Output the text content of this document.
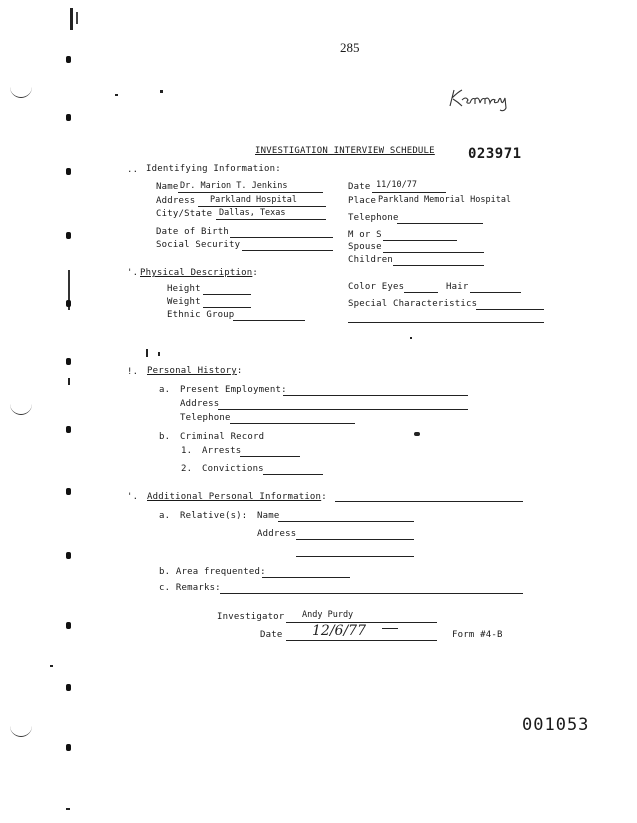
285
INVESTIGATION INTERVIEW SCHEDULE 023971
.. Identifying Information:
Name Dr. Marion T. Jenkins
Address Parkland Hospital
City/State Dallas, Texas
Date of Birth
Social Security
Date 11/10/77
Place Parkland Memorial Hospital
Telephone
M or S
Spouse
Children
'. Physical Description:
Height
Weight
Ethnic Group
Color Eyes	Hair
Special Characteristics
!. Personal History:
a. Present Employment:
Address
Telephone
b. Criminal Record
1. Arrests
2. Convictions
'. Additional Personal Information:
a. Relative(s): Name
Address
b. Area frequented:
c. Remarks:
Investigator Andy Purdy
Date 12/6/77	Form #4-B
001053
